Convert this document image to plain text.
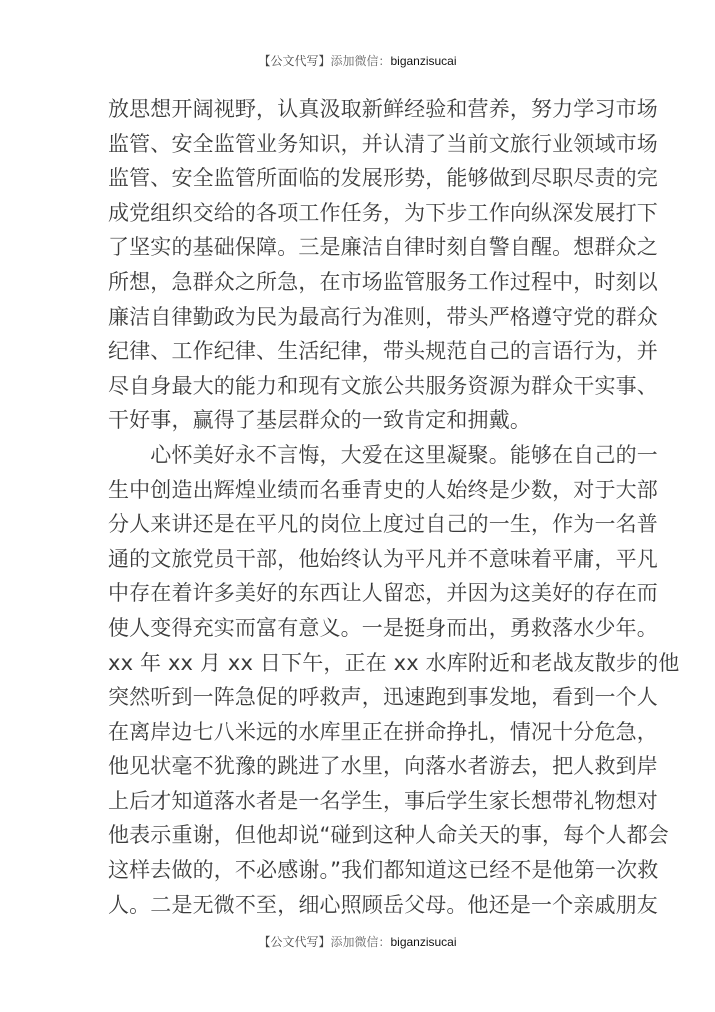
【公文代写】添加微信：biganzisucai
放思想开阔视野，认真汲取新鲜经验和营养，努力学习市场
监管、安全监管业务知识，并认清了当前文旅行业领域市场
监管、安全监管所面临的发展形势，能够做到尽职尽责的完
成党组织交给的各项工作任务，为下步工作向纵深发展打下
了坚实的基础保障。三是廉洁自律时刻自警自醒。想群众之
所想，急群众之所急，在市场监管服务工作过程中，时刻以
廉洁自律勤政为民为最高行为准则，带头严格遵守党的群众
纪律、工作纪律、生活纪律，带头规范自己的言语行为，并
尽自身最大的能力和现有文旅公共服务资源为群众干实事、
干好事，赢得了基层群众的一致肯定和拥戴。
　　心怀美好永不言悔，大爱在这里凝聚。能够在自己的一
生中创造出辉煌业绩而名垂青史的人始终是少数，对于大部
分人来讲还是在平凡的岗位上度过自己的一生，作为一名普
通的文旅党员干部，他始终认为平凡并不意味着平庸，平凡
中存在着许多美好的东西让人留恋，并因为这美好的存在而
使人变得充实而富有意义。一是挺身而出，勇救落水少年。
xx 年 xx 月 xx 日下午，正在 xx 水库附近和老战友散步的他
突然听到一阵急促的呼救声，迅速跑到事发地，看到一个人
在离岸边七八米远的水库里正在拼命挣扎，情况十分危急，
他见状毫不犹豫的跳进了水里，向落水者游去，把人救到岸
上后才知道落水者是一名学生，事后学生家长想带礼物想对
他表示重谢，但他却说“碰到这种人命关天的事，每个人都会
这样去做的，不必感谢。”我们都知道这已经不是他第一次救
人。二是无微不至，细心照顾岳父母。他还是一个亲戚朋友
【公文代写】添加微信：biganzisucai
